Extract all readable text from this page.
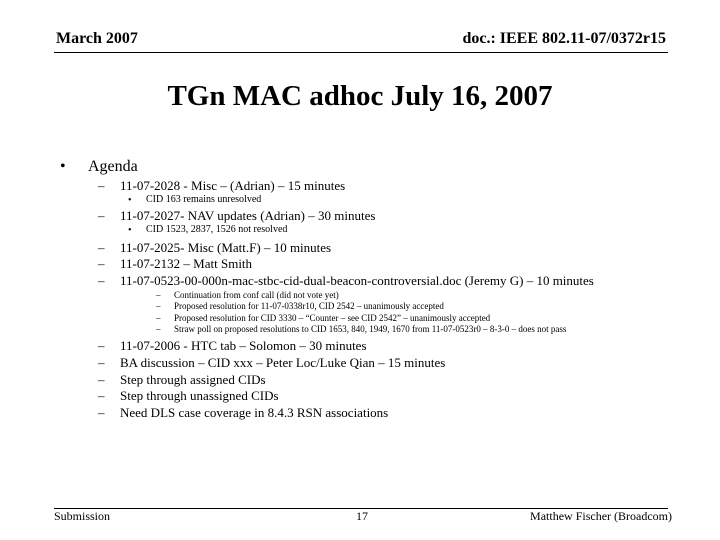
March 2007	doc.: IEEE 802.11-07/0372r15
TGn MAC adhoc July 16, 2007
• Agenda
– 11-07-2028 - Misc – (Adrian) – 15 minutes
• CID 163 remains unresolved
– 11-07-2027- NAV updates (Adrian) – 30 minutes
• CID 1523, 2837, 1526 not resolved
– 11-07-2025- Misc (Matt.F) – 10 minutes
– 11-07-2132 – Matt Smith
– 11-07-0523-00-000n-mac-stbc-cid-dual-beacon-controversial.doc (Jeremy G) – 10 minutes
– Continuation from conf call (did not vote yet)
– Proposed resolution for 11-07-0338r10, CID 2542 – unanimously accepted
– Proposed resolution for CID 3330 – “Counter – see CID 2542” – unanimously accepted
– Straw poll on proposed resolutions to CID 1653, 840, 1949, 1670 from 11-07-0523r0 – 8-3-0 – does not pass
– 11-07-2006 - HTC tab – Solomon – 30 minutes
– BA discussion – CID xxx – Peter Loc/Luke Qian – 15 minutes
– Step through assigned CIDs
– Step through unassigned CIDs
– Need DLS case coverage in 8.4.3 RSN associations
Submission	17	Matthew Fischer (Broadcom)
